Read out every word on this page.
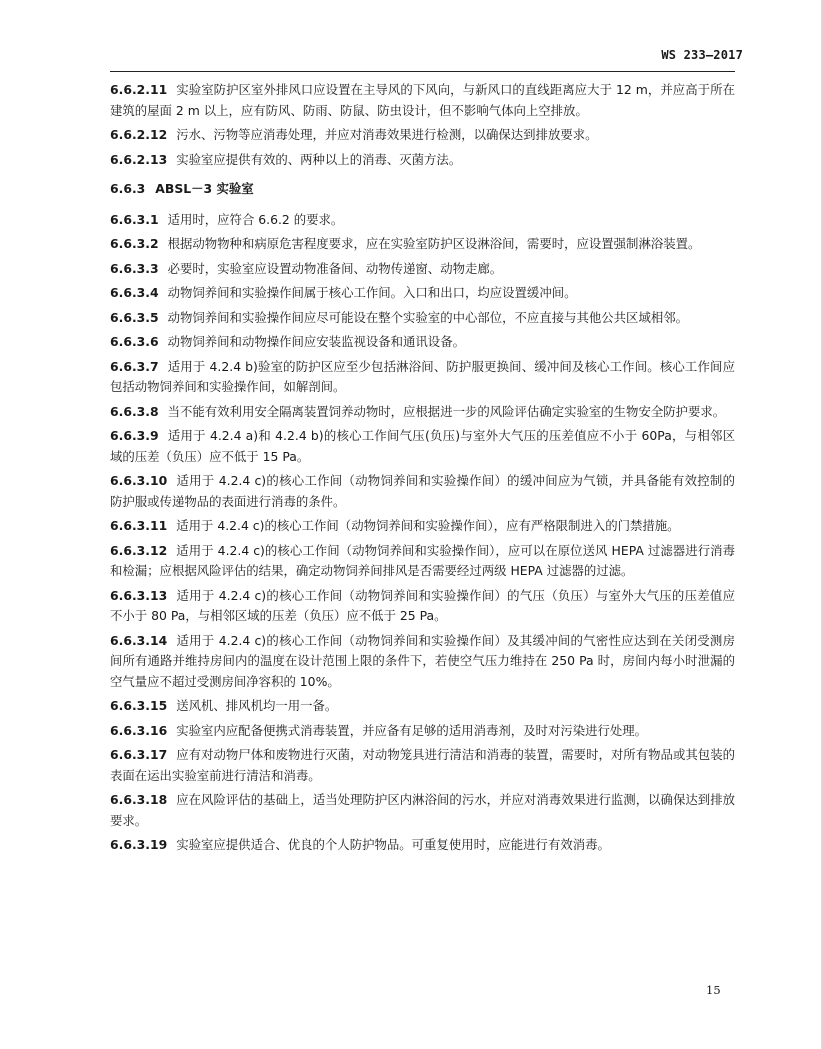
WS 233—2017

6.6.2.11 实验室防护区室外排风口应设置在主导风的下风向，与新风口的直线距离应大于 12 m，并应高于所在建筑的屋面 2 m 以上，应有防风、防雨、防鼠、防虫设计，但不影响气体向上空排放。

6.6.2.12 污水、污物等应消毒处理，并应对消毒效果进行检测，以确保达到排放要求。

6.6.2.13 实验室应提供有效的、两种以上的消毒、灭菌方法。

6.6.3 ABSL－3 实验室

6.6.3.1 适用时，应符合 6.6.2 的要求。

6.6.3.2 根据动物物种和病原危害程度要求，应在实验室防护区设淋浴间，需要时，应设置强制淋浴装置。

6.6.3.3 必要时，实验室应设置动物准备间、动物传递窗、动物走廊。

6.6.3.4 动物饲养间和实验操作间属于核心工作间。入口和出口，均应设置缓冲间。

6.6.3.5 动物饲养间和实验操作间应尽可能设在整个实验室的中心部位，不应直接与其他公共区域相邻。

6.6.3.6 动物饲养间和动物操作间应安装监视设备和通讯设备。

6.6.3.7 适用于 4.2.4 b)验室的防护区应至少包括淋浴间、防护服更换间、缓冲间及核心工作间。核心工作间应包括动物饲养间和实验操作间，如解剖间。

6.6.3.8 当不能有效利用安全隔离装置饲养动物时，应根据进一步的风险评估确定实验室的生物安全防护要求。

6.6.3.9 适用于 4.2.4 a)和 4.2.4 b)的核心工作间气压(负压)与室外大气压的压差值应不小于 60Pa，与相邻区域的压差（负压）应不低于 15 Pa。

6.6.3.10 适用于 4.2.4 c)的核心工作间（动物饲养间和实验操作间）的缓冲间应为气锁，并具备能有效控制的防护服或传递物品的表面进行消毒的条件。

6.6.3.11 适用于 4.2.4 c)的核心工作间（动物饲养间和实验操作间），应有严格限制进入的门禁措施。

6.6.3.12 适用于 4.2.4 c)的核心工作间（动物饲养间和实验操作间），应可以在原位送风 HEPA 过滤器进行消毒和检漏；应根据风险评估的结果，确定动物饲养间排风是否需要经过两级 HEPA 过滤器的过滤。

6.6.3.13 适用于 4.2.4 c)的核心工作间（动物饲养间和实验操作间）的气压（负压）与室外大气压的压差值应不小于 80 Pa，与相邻区域的压差（负压）应不低于 25 Pa。

6.6.3.14 适用于 4.2.4 c)的核心工作间（动物饲养间和实验操作间）及其缓冲间的气密性应达到在关闭受测房间所有通路并维持房间内的温度在设计范围上限的条件下，若使空气压力维持在 250 Pa 时，房间内每小时泄漏的空气量应不超过受测房间净容积的 10%。

6.6.3.15 送风机、排风机均一用一备。

6.6.3.16 实验室内应配备便携式消毒装置，并应备有足够的适用消毒剂，及时对污染进行处理。

6.6.3.17 应有对动物尸体和废物进行灭菌，对动物笼具进行清洁和消毒的装置，需要时，对所有物品或其包装的表面在运出实验室前进行清洁和消毒。

6.6.3.18 应在风险评估的基础上，适当处理防护区内淋浴间的污水，并应对消毒效果进行监测，以确保达到排放要求。

6.6.3.19 实验室应提供适合、优良的个人防护物品。可重复使用时，应能进行有效消毒。

15
